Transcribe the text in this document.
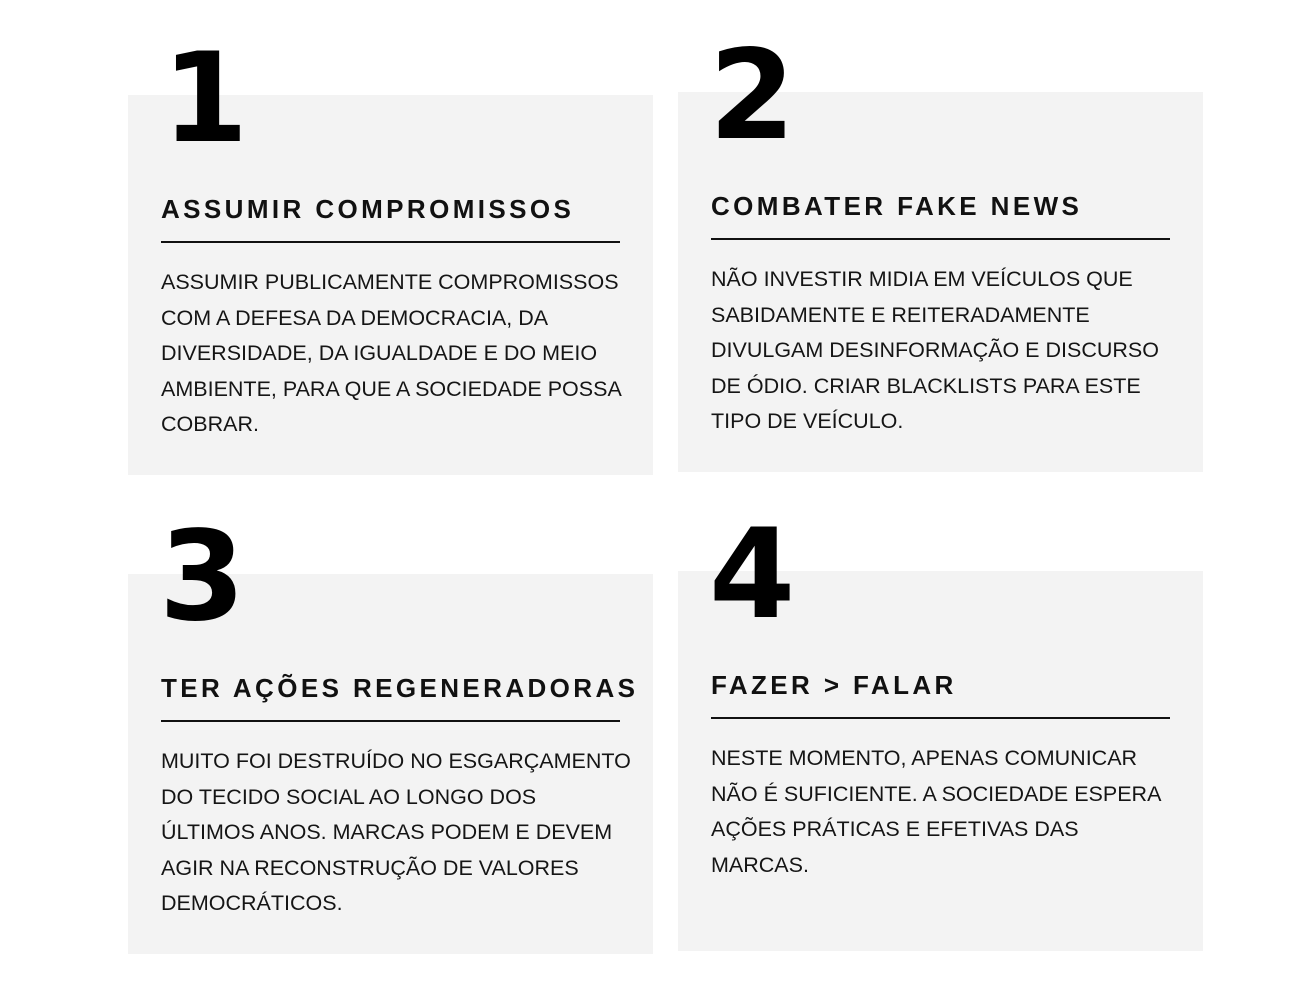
ASSUMIR COMPROMISSOS
ASSUMIR PUBLICAMENTE COMPROMISSOS COM A DEFESA DA DEMOCRACIA, DA DIVERSIDADE, DA IGUALDADE E DO MEIO AMBIENTE, PARA QUE A SOCIEDADE POSSA COBRAR.
1
COMBATER FAKE NEWS
NÃO INVESTIR MIDIA EM VEÍCULOS QUE SABIDAMENTE E REITERADAMENTE DIVULGAM DESINFORMAÇÃO E DISCURSO DE ÓDIO. CRIAR BLACKLISTS PARA ESTE TIPO DE VEÍCULO.
2
TER AÇÕES REGENERADORAS
MUITO FOI DESTRUÍDO NO ESGARÇAMENTO DO TECIDO SOCIAL AO LONGO DOS ÚLTIMOS ANOS. MARCAS PODEM E DEVEM AGIR NA RECONSTRUÇÃO DE VALORES DEMOCRÁTICOS.
3
FAZER > FALAR
NESTE MOMENTO, APENAS COMUNICAR NÃO É SUFICIENTE. A SOCIEDADE ESPERA AÇÕES PRÁTICAS E EFETIVAS DAS MARCAS.
4
